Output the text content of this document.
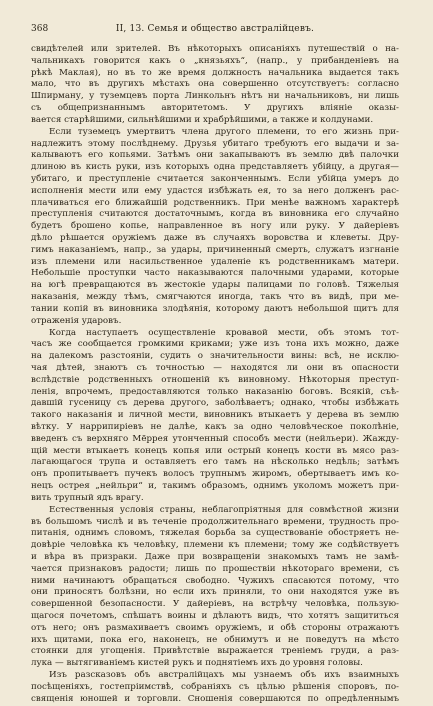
368	II, 13. Семья и общество австралійцевъ.
свидѣтелей или зрителей. Въ нѣкоторыхъ описаніяхъ путешествій о на-
чальникахъ говорится какъ о „князьяхъ“, (напр., у прибанденіевъ на
рѣкѣ Маклая), но въ то же время должность начальника выдается такъ
мало, что въ другихъ мѣстахъ она совершенно отсутствуетъ: согласно
Шпирману, у туземцевъ порта Линкольнъ нѣтъ ни начальниковъ, ни лишь
съ общепризнаннымъ авторитетомъ. У другихъ вліяніе оказы-
вается старѣйшими, сильнѣйшими и храбрѣйшими, а также и колдунами.
Если туземецъ умертвитъ члена другого племени, то его жизнь при-
надлежитъ этому послѣднему. Друзья убитаго требуютъ его выдачи и за-
калываютъ его копьями. Затѣмъ они закапываютъ въ землю двѣ палочки
длиною въ кисть руки, изъ которыхъ одна представляетъ убійцу, а другая—
убитаго, и преступленіе считается законченнымъ. Если убійца умеръ до
исполненія мести или ему удастся избѣжать ея, то за него долженъ рас-
плачиваться его ближайшій родственникъ. При менѣе важномъ характерѣ
преступленія считаются достаточнымъ, когда въ виновника его случайно
будетъ брошено копье, направленное въ ногу или руку. У дайеріевъ
дѣло рѣшается оружіемъ даже въ случаяхъ воровства и клеветы. Дру-
гимъ наказаніемъ, напр., за удары, причиненный смерть, служатъ изгнаніе
изъ племени или насильственное удаленіе къ родственникамъ матери.
Небольшіе проступки часто наказываются палочными ударами, которые
на югѣ превращаются въ жестокіе удары палицами по головѣ. Тяжелыя
наказанія, между тѣмъ, смягчаются иногда, такъ что въ видѣ, при ме-
тании копій въ виновника злодѣянія, которому даютъ небольшой щитъ для
отраженія ударовъ.
Когда наступаетъ осуществленіе кровавой мести, объ этомъ тот-
часъ же сообщается громкими криками; уже изъ тона ихъ можно, даже
на далекомъ разстояніи, судить о значительности вины: всѣ, не исклю-
чая дѣтей, знаютъ съ точностью — находятся ли они въ опасности
вслѣдствіе родственныхъ отношеній къ виновному. Нѣкоторыя преступ-
ленія, впрочемъ, предоставляются только наказанію боговъ. Всякій, съѣ-
давшій гусеницу съ дерева другого, заболѣваетъ; однако, чтобы избѣжать
такого наказанія и личной мести, виновникъ втыкаетъ у дерева въ землю
вѣтку. У наррипиріевъ не далѣе, какъ за одно человѣческое поколѣніе,
введенъ съ верхняго Мёррея утонченный способъ мести (нейльери). Жажду-
щій мести втыкаетъ конецъ копья или острый конецъ кости въ мясо раз-
лагающагося трупа и оставляетъ его тамъ на нѣсколько недѣль; затѣмъ
онъ пропитываетъ пучекъ волосъ трупнымъ жиромъ, обертываетъ имъ ко-
нецъ острея „нейльри“ и, такимъ образомъ, однимъ уколомъ можетъ при-
вить трупный ядъ врагу.
Естественныя условія страны, неблагопріятныя для совмѣстной жизни
въ большомъ числѣ и въ теченіе продолжительнаго времени, трудность про-
питанія, однимъ словомъ, тяжелая борьба за существованіе обостряетъ не-
довѣріе человѣка къ человѣку, племени къ племени; тому же содѣйствуетъ
и вѣра въ призраки. Даже при возвращеніи знакомыхъ тамъ не замѣ-
чается признаковъ радости; лишь по прошествіи нѣкотораго времени, съ
ними начинаютъ обращаться свободно. Чужихъ спасаются потому, что
они приносятъ болѣзни, но если ихъ приняли, то они находятся уже въ
совершенной безопасности. У дайеріевъ, на встрѣчу человѣка, пользую-
щагося почетомъ, спѣшатъ воины и дѣлаютъ видъ, что хотятъ защититься
отъ него; онъ размахиваетъ своимъ оружіемъ, и обѣ стороны отражаютъ
ихъ щитами, пока его, наконецъ, не обнимутъ и не поведутъ на мѣсто
стоянки для угощенія. Привѣтствіе выражается тренiемъ груди, а раз-
лука — вытягиваніемъ кистей рукъ и поднятіемъ ихъ до уровня головы.
Изъ разсказовъ объ австралійцахъ мы узнаемъ объ ихъ взаимныхъ
посѣщеніяхъ, гостепріимствѣ, собраніяхъ съ цѣлью рѣшенія споровъ, по-
священія юношей и торговли. Сношенія совершаются по опредѣленнымъ
